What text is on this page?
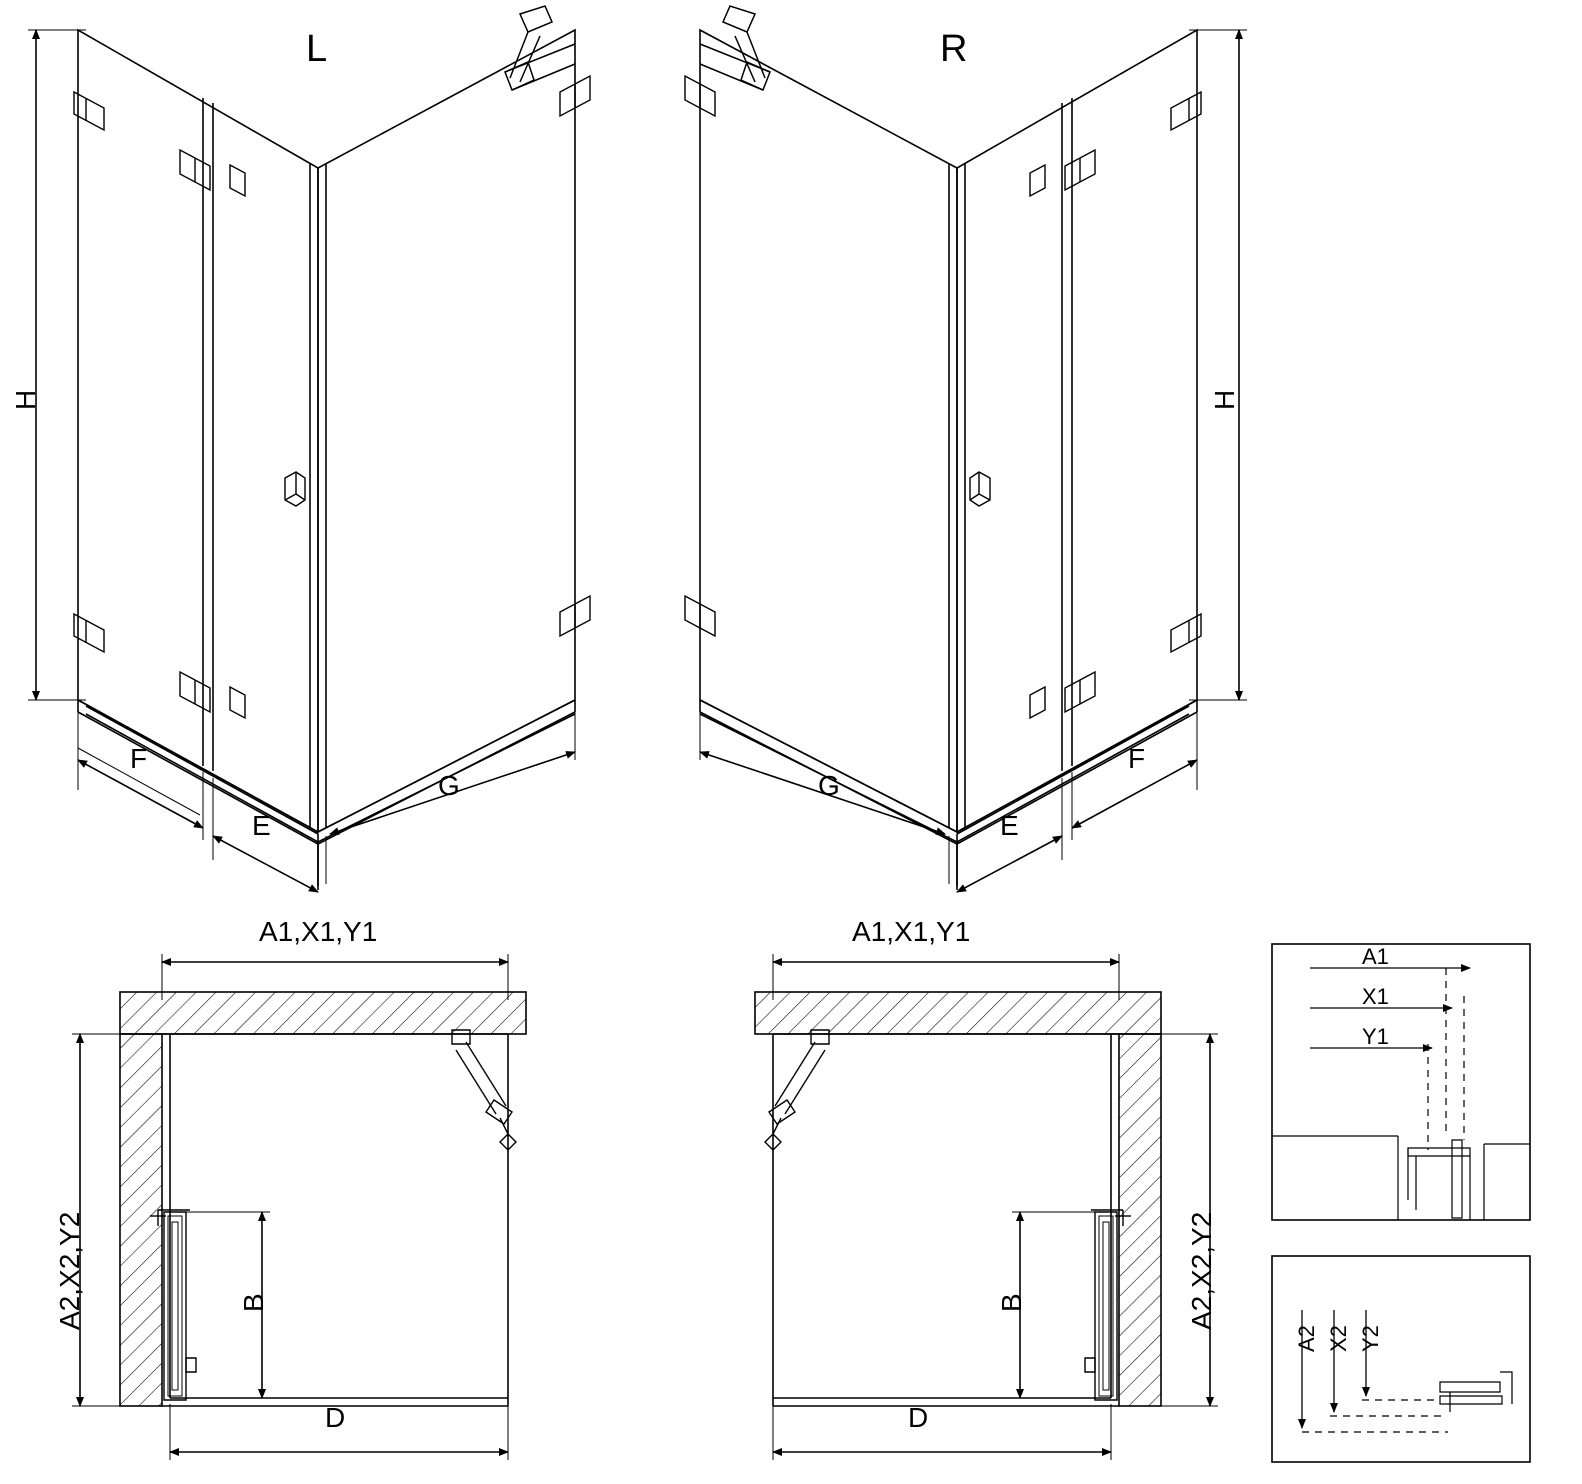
L
H
F
E
G
R
H
G
E
F
A1,X1,Y1
A2,X2,Y2	B
D
A1,X1,Y1
A2,X2,Y2
B
D
A1
X1
Y1
A2 X2 Y2
